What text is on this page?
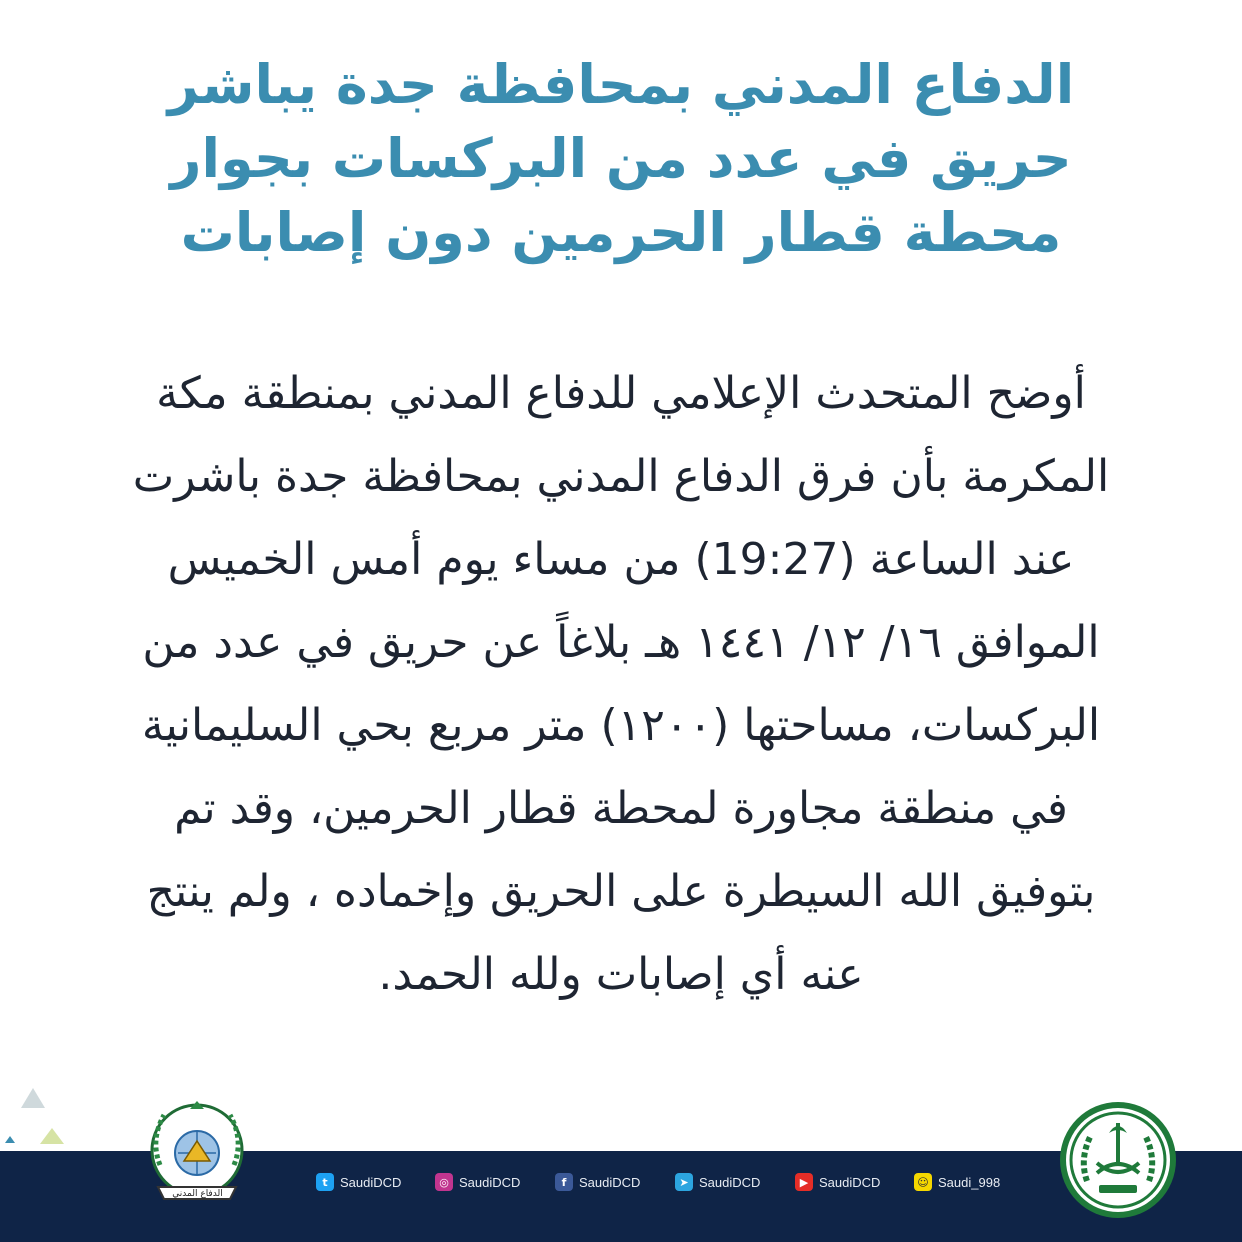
الدفاع المدني بمحافظة جدة يباشر
حريق في عدد من البركسات بجوار
محطة قطار الحرمين دون إصابات
أوضح المتحدث الإعلامي للدفاع المدني بمنطقة مكة
المكرمة بأن فرق الدفاع المدني بمحافظة جدة باشرت
عند الساعة (19:27) من مساء يوم أمس الخميس
الموافق ١٦/ ١٢/ ١٤٤١ هـ بلاغاً عن حريق في عدد من
البركسات، مساحتها (١٢٠٠) متر مربع بحي السليمانية
في منطقة مجاورة لمحطة قطار الحرمين، وقد تم
بتوفيق الله السيطرة على الحريق وإخماده ، ولم ينتج
عنه أي إصابات ولله الحمد.
الدفاع المدني
t SaudiDCD	◎ SaudiDCD	f SaudiDCD	➤ SaudiDCD	▶ SaudiDCD	☺ Saudi_998
